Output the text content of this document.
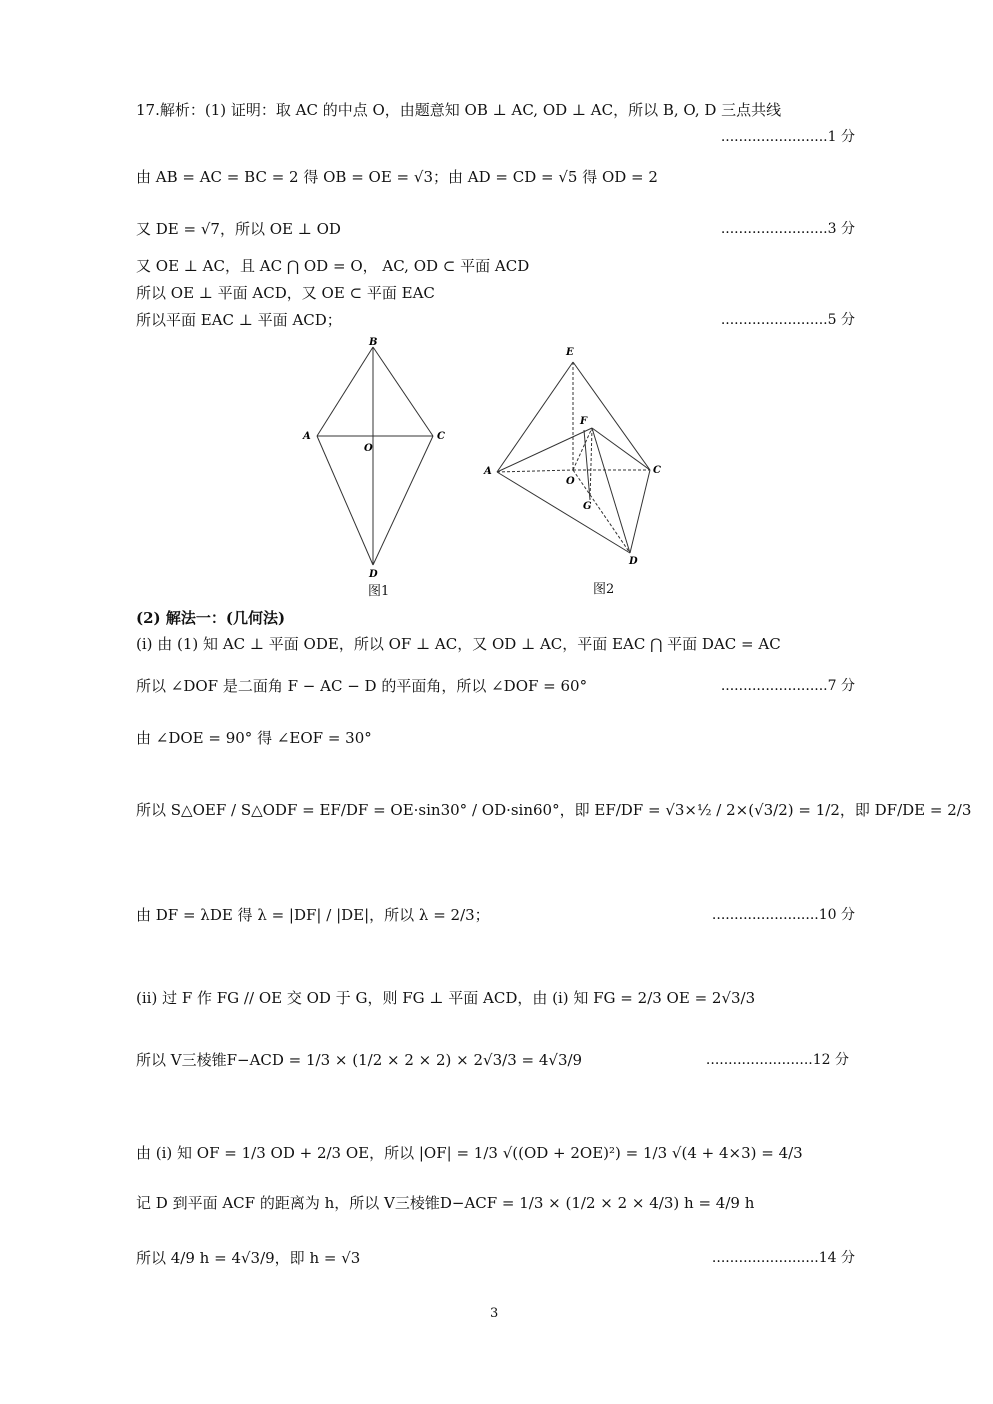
17.解析：(1) 证明：取 AC 的中点 O，由题意知 OB ⊥ AC, OD ⊥ AC，所以 B, O, D 三点共线
........................1 分
由 AB = AC = BC = 2 得 OB = OE = √3；由 AD = CD = √5 得 OD = 2
又 DE = √7，所以 OE ⊥ OD	........................3 分
又 OE ⊥ AC，且 AC ⋂ OD = O， AC, OD ⊂ 平面 ACD
所以 OE ⊥ 平面 ACD，又 OE ⊂ 平面 EAC
所以平面 EAC ⊥ 平面 ACD；	........................5 分
B
A	C
O
D
图1
E
F
A	C
O
G
D
图2
(2) 解法一：(几何法)
(i) 由 (1) 知 AC ⊥ 平面 ODE，所以 OF ⊥ AC，又 OD ⊥ AC，平面 EAC ⋂ 平面 DAC = AC
所以 ∠DOF 是二面角 F − AC − D 的平面角，所以 ∠DOF = 60°	........................7 分
由 ∠DOE = 90° 得 ∠EOF = 30°
所以 S△OEF / S△ODF = EF/DF = OE·sin30° / OD·sin60°，即 EF/DF = √3×½ / 2×(√3/2) = 1/2，即 DF/DE = 2/3
由 DF = λDE 得 λ = |DF| / |DE|，所以 λ = 2/3；	........................10 分
(ii) 过 F 作 FG // OE 交 OD 于 G，则 FG ⊥ 平面 ACD，由 (i) 知 FG = 2/3 OE = 2√3/3
所以 V三棱锥F−ACD = 1/3 × (1/2 × 2 × 2) × 2√3/3 = 4√3/9	........................12 分
由 (i) 知 OF = 1/3 OD + 2/3 OE，所以 |OF| = 1/3 √((OD + 2OE)²) = 1/3 √(4 + 4×3) = 4/3
记 D 到平面 ACF 的距离为 h，所以 V三棱锥D−ACF = 1/3 × (1/2 × 2 × 4/3) h = 4/9 h
所以 4/9 h = 4√3/9，即 h = √3	........................14 分
3
